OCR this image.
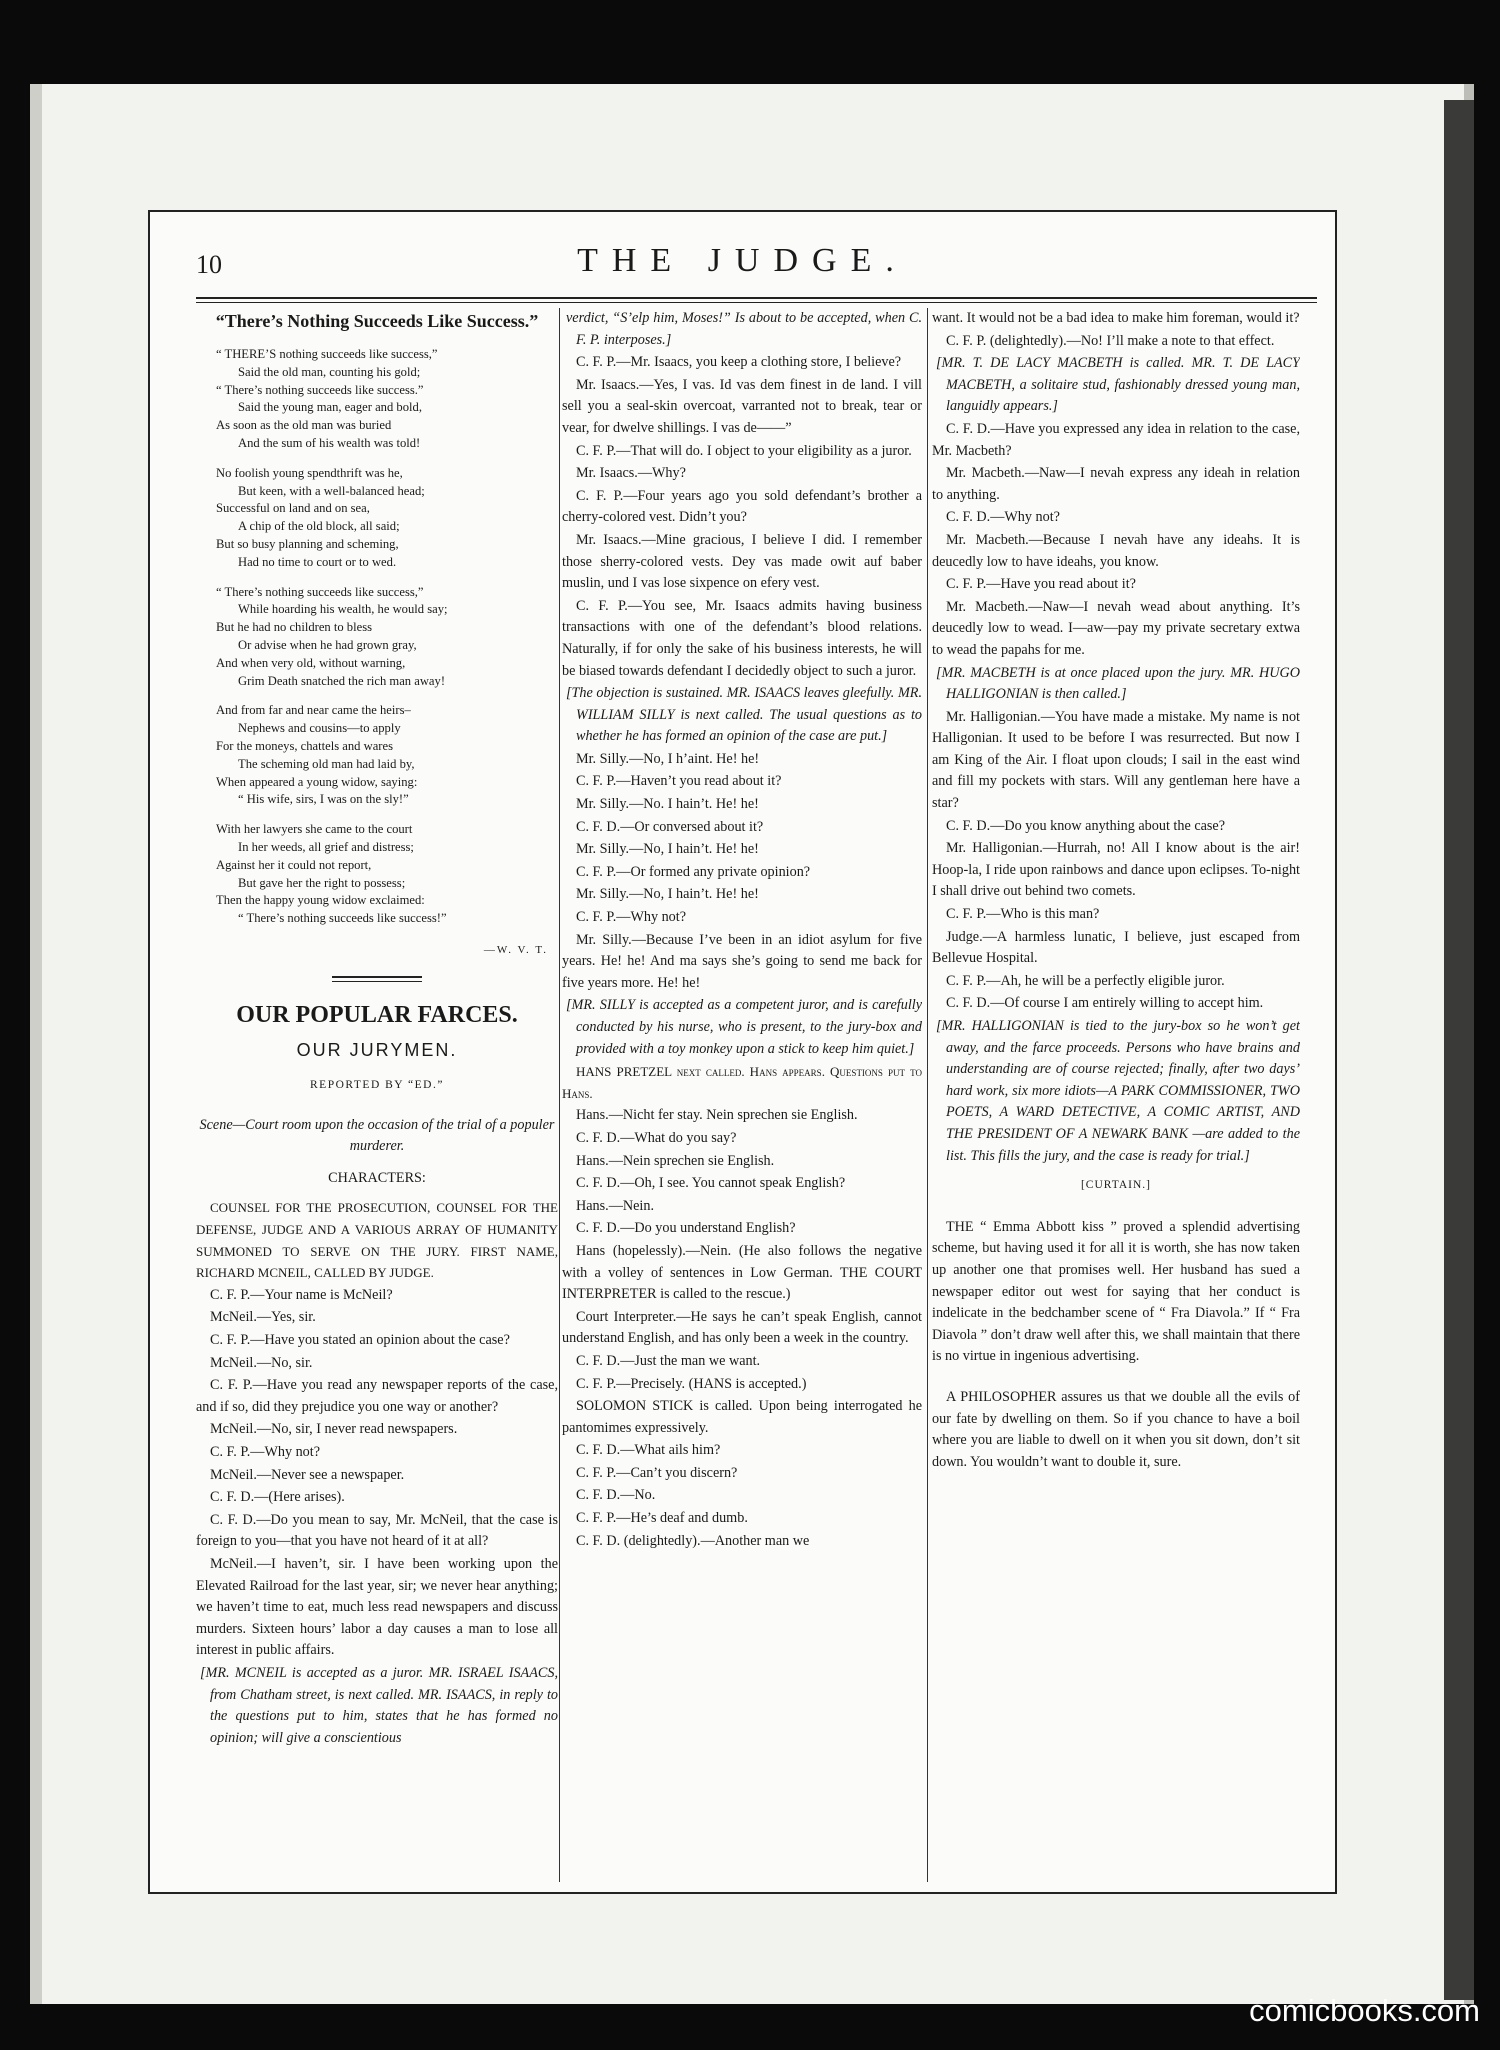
10	THE JUDGE.
“There’s Nothing Succeeds Like Success.”
“ THERE’S nothing succeeds like success,”
Said the old man, counting his gold;
“ There’s nothing succeeds like success.”
Said the young man, eager and bold,
As soon as the old man was buried
And the sum of his wealth was told!
No foolish young spendthrift was he,
But keen, with a well-balanced head;
Successful on land and on sea,
A chip of the old block, all said;
But so busy planning and scheming,
Had no time to court or to wed.
“ There’s nothing succeeds like success,”
While hoarding his wealth, he would say;
But he had no children to bless
Or advise when he had grown gray,
And when very old, without warning,
Grim Death snatched the rich man away!
And from far and near came the heirs–
Nephews and cousins—to apply
For the moneys, chattels and wares
The scheming old man had laid by,
When appeared a young widow, saying:
“ His wife, sirs, I was on the sly!”
With her lawyers she came to the court
In her weeds, all grief and distress;
Against her it could not report,
But gave her the right to possess;
Then the happy young widow exclaimed:
“ There’s nothing succeeds like success!”
—W. V. T.
OUR POPULAR FARCES.
OUR JURYMEN.
REPORTED BY “ED.”
Scene—Court room upon the occasion of the trial of a populer murderer.
CHARACTERS:

COUNSEL FOR THE PROSECUTION, COUNSEL FOR THE DEFENSE, JUDGE AND A VARIOUS ARRAY OF HUMANITY SUMMONED TO SERVE ON THE JURY. FIRST NAME, RICHARD MCNEIL, CALLED BY JUDGE.

C. F. P.—Your name is McNeil?

McNeil.—Yes, sir.

C. F. P.—Have you stated an opinion about the case?

McNeil.—No, sir.

C. F. P.—Have you read any newspaper reports of the case, and if so, did they prejudice you one way or another?

McNeil.—No, sir, I never read newspapers.

C. F. P.—Why not?

McNeil.—Never see a newspaper.

C. F. D.—(Here arises).

C. F. D.—Do you mean to say, Mr. McNeil, that the case is foreign to you—that you have not heard of it at all?

McNeil.—I haven’t, sir. I have been working upon the Elevated Railroad for the last year, sir; we never hear anything; we haven’t time to eat, much less read newspapers and discuss murders. Sixteen hours’ labor a day causes a man to lose all interest in public affairs.

[MR. MCNEIL is accepted as a juror. MR. ISRAEL ISAACS, from Chatham street, is next called. MR. ISAACS, in reply to the questions put to him, states that he has formed no opinion; will give a conscientious

verdict, “S’elp him, Moses!” Is about to be accepted, when C. F. P. interposes.]

C. F. P.—Mr. Isaacs, you keep a clothing store, I believe?

Mr. Isaacs.—Yes, I vas. Id vas dem finest in de land. I vill sell you a seal-skin overcoat, varranted not to break, tear or vear, for dwelve shillings. I vas de——”

C. F. P.—That will do. I object to your eligibility as a juror.

Mr. Isaacs.—Why?

C. F. P.—Four years ago you sold defendant’s brother a cherry-colored vest. Didn’t you?

Mr. Isaacs.—Mine gracious, I believe I did. I remember those sherry-colored vests. Dey vas made owit auf baber muslin, und I vas lose sixpence on efery vest.

C. F. P.—You see, Mr. Isaacs admits having business transactions with one of the defendant’s blood relations. Naturally, if for only the sake of his business interests, he will be biased towards defendant I decidedly object to such a juror.

[The objection is sustained. MR. ISAACS leaves gleefully. MR. WILLIAM SILLY is next called. The usual questions as to whether he has formed an opinion of the case are put.]

Mr. Silly.—No, I h’aint. He! he!

C. F. P.—Haven’t you read about it?

Mr. Silly.—No. I hain’t. He! he!

C. F. D.—Or conversed about it?

Mr. Silly.—No, I hain’t. He! he!

C. F. P.—Or formed any private opinion?

Mr. Silly.—No, I hain’t. He! he!

C. F. P.—Why not?

Mr. Silly.—Because I’ve been in an idiot asylum for five years. He! he! And ma says she’s going to send me back for five years more. He! he!

[MR. SILLY is accepted as a competent juror, and is carefully conducted by his nurse, who is present, to the jury-box and provided with a toy monkey upon a stick to keep him quiet.]

HANS PRETZEL next called. Hans appears. Questions put to Hans.

Hans.—Nicht fer stay. Nein sprechen sie English.

C. F. D.—What do you say?

Hans.—Nein sprechen sie English.

C. F. D.—Oh, I see. You cannot speak English?

Hans.—Nein.

C. F. D.—Do you understand English?

Hans (hopelessly).—Nein. (He also follows the negative with a volley of sentences in Low German. THE COURT INTERPRETER is called to the rescue.)

Court Interpreter.—He says he can’t speak English, cannot understand English, and has only been a week in the country.

C. F. D.—Just the man we want.

C. F. P.—Precisely. (HANS is accepted.)

SOLOMON STICK is called. Upon being interrogated he pantomimes expressively.

C. F. D.—What ails him?

C. F. P.—Can’t you discern?

C. F. D.—No.

C. F. P.—He’s deaf and dumb.

C. F. D. (delightedly).—Another man we

want. It would not be a bad idea to make him foreman, would it?

C. F. P. (delightedly).—No! I’ll make a note to that effect.

[MR. T. DE LACY MACBETH is called. MR. T. DE LACY MACBETH, a solitaire stud, fashionably dressed young man, languidly appears.]

C. F. D.—Have you expressed any idea in relation to the case, Mr. Macbeth?

Mr. Macbeth.—Naw—I nevah express any ideah in relation to anything.

C. F. D.—Why not?

Mr. Macbeth.—Because I nevah have any ideahs. It is deucedly low to have ideahs, you know.

C. F. P.—Have you read about it?

Mr. Macbeth.—Naw—I nevah wead about anything. It’s deucedly low to wead. I—aw—pay my private secretary extwa to wead the papahs for me.

[MR. MACBETH is at once placed upon the jury. MR. HUGO HALLIGONIAN is then called.]

Mr. Halligonian.—You have made a mistake. My name is not Halligonian. It used to be before I was resurrected. But now I am King of the Air. I float upon clouds; I sail in the east wind and fill my pockets with stars. Will any gentleman here have a star?

C. F. D.—Do you know anything about the case?

Mr. Halligonian.—Hurrah, no! All I know about is the air! Hoop-la, I ride upon rainbows and dance upon eclipses. To-night I shall drive out behind two comets.

C. F. P.—Who is this man?

Judge.—A harmless lunatic, I believe, just escaped from Bellevue Hospital.

C. F. P.—Ah, he will be a perfectly eligible juror.

C. F. D.—Of course I am entirely willing to accept him.

[MR. HALLIGONIAN is tied to the jury-box so he won’t get away, and the farce proceeds. Persons who have brains and understanding are of course rejected; finally, after two days’ hard work, six more idiots—A PARK COMMISSIONER, TWO POETS, A WARD DETECTIVE, A COMIC ARTIST, AND THE PRESIDENT OF A NEWARK BANK —are added to the list. This fills the jury, and the case is ready for trial.]

[CURTAIN.]

THE “ Emma Abbott kiss ” proved a splendid advertising scheme, but having used it for all it is worth, she has now taken up another one that promises well. Her husband has sued a newspaper editor out west for saying that her conduct is indelicate in the bedchamber scene of “ Fra Diavola.” If “ Fra Diavola ” don’t draw well after this, we shall maintain that there is no virtue in ingenious advertising.

A PHILOSOPHER assures us that we double all the evils of our fate by dwelling on them. So if you chance to have a boil where you are liable to dwell on it when you sit down, don’t sit down. You wouldn’t want to double it, sure.

comicbooks.com
